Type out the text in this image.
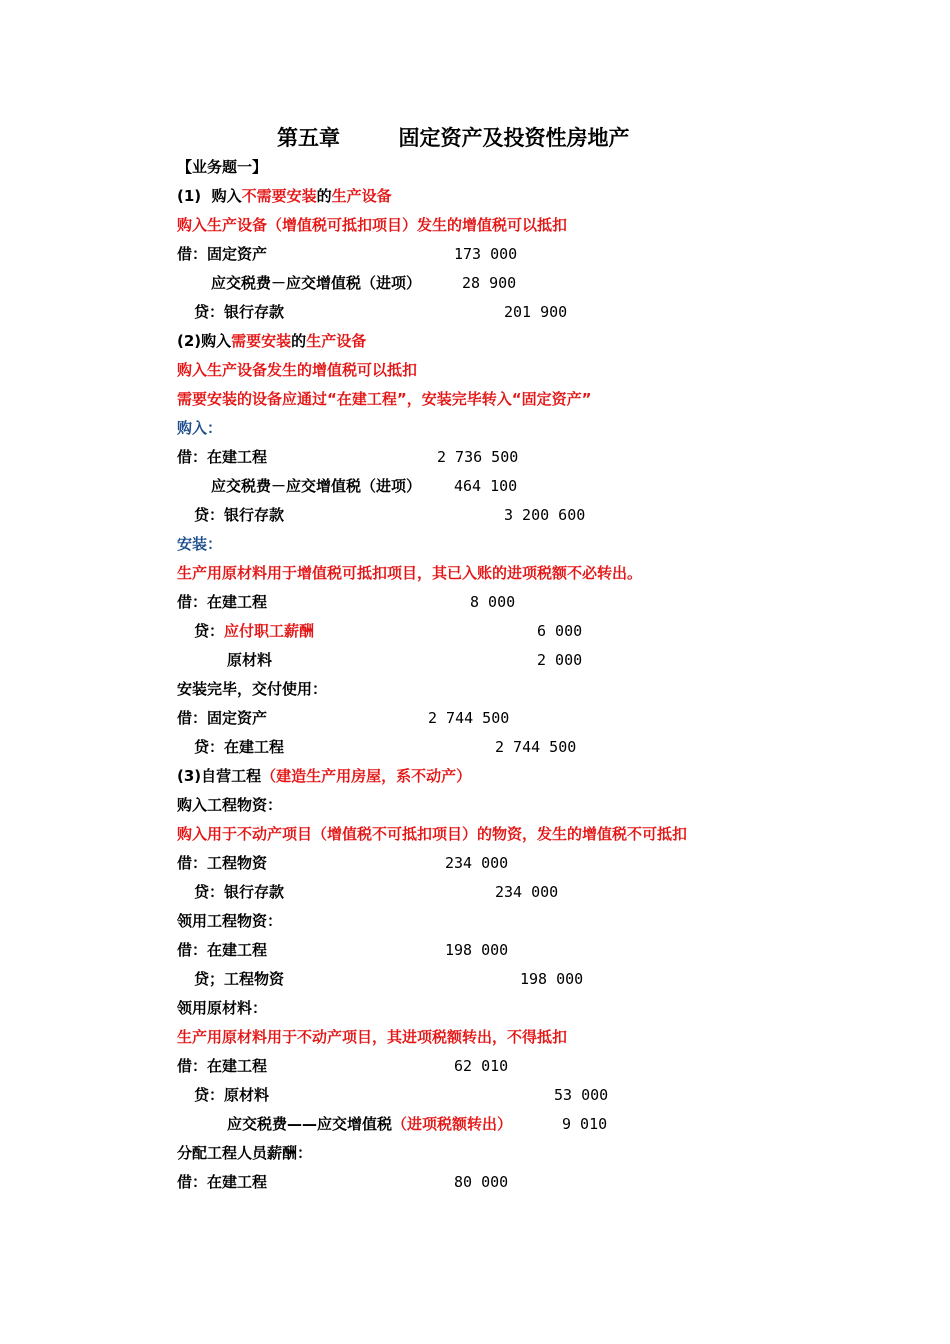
第五章        固定资产及投资性房地产
【业务题一】
(1)  购入不需要安装的生产设备
购入生产设备（增值税可抵扣项目）发生的增值税可以抵扣
借：固定资产	173 000
应交税费－应交增值税（进项）	28 900
贷：银行存款	201 900
(2)购入需要安装的生产设备
购入生产设备发生的增值税可以抵扣
需要安装的设备应通过“在建工程”，安装完毕转入“固定资产”
购入：
借：在建工程	2 736 500
应交税费－应交增值税（进项） 464 100
贷：银行存款	3 200 600
安装：
生产用原材料用于增值税可抵扣项目，其已入账的进项税额不必转出。
借：在建工程	8 000
贷：应付职工薪酬	6 000
原材料	2 000
安装完毕，交付使用：
借：固定资产	2 744 500
贷：在建工程	2 744 500
(3)自营工程（建造生产用房屋，系不动产）
购入工程物资：
购入用于不动产项目（增值税不可抵扣项目）的物资，发生的增值税不可抵扣
借：工程物资	234 000
贷：银行存款	234 000
领用工程物资：
借：在建工程	198 000
贷；工程物资	198 000
领用原材料：
生产用原材料用于不动产项目，其进项税额转出，不得抵扣
借：在建工程	62 010
贷：原材料	53 000
应交税费——应交增值税（进项税额转出）	9 010
分配工程人员薪酬：
借：在建工程	80 000
